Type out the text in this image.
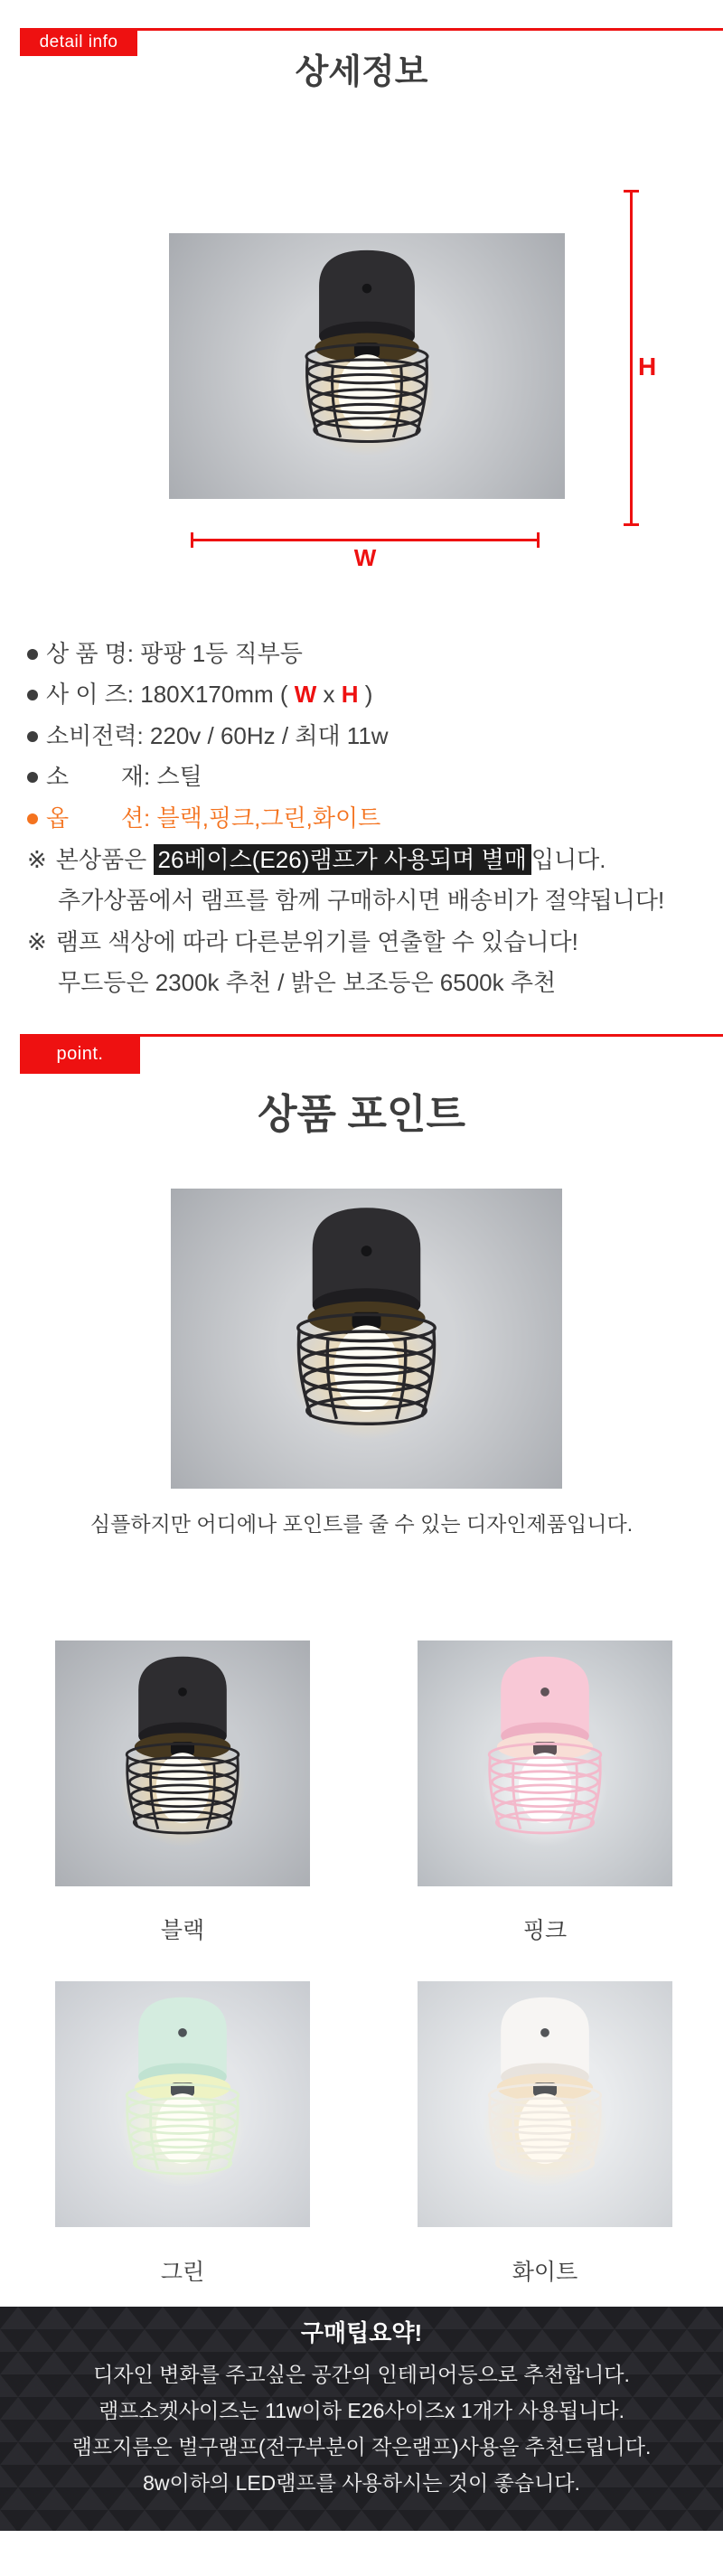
detail info
상세정보
H
W
상 품 명: 팡팡 1등 직부등
사 이 즈: 180X170mm ( W x H )
소비전력: 220v / 60Hz / 최대 11w
소        재: 스틸
옵        션: 블랙,핑크,그린,화이트
※ 본상품은 26베이스(E26)램프가 사용되며 별매 입니다.
추가상품에서 램프를 함께 구매하시면 배송비가 절약됩니다!
※ 램프 색상에 따라 다른분위기를 연출할 수 있습니다!
무드등은 2300k 추천 / 밝은 보조등은 6500k 추천
point.
상품 포인트
심플하지만 어디에나 포인트를 줄 수 있는 디자인제품입니다.
블랙	핑크
그린	화이트
구매팁요약!
디자인 변화를 주고싶은 공간의 인테리어등으로 추천합니다.
램프소켓사이즈는 11w이하 E26사이즈x 1개가 사용됩니다.
램프지름은 벌구램프(전구부분이 작은램프)사용을 추천드립니다.
8w이하의 LED램프를 사용하시는 것이 좋습니다.
